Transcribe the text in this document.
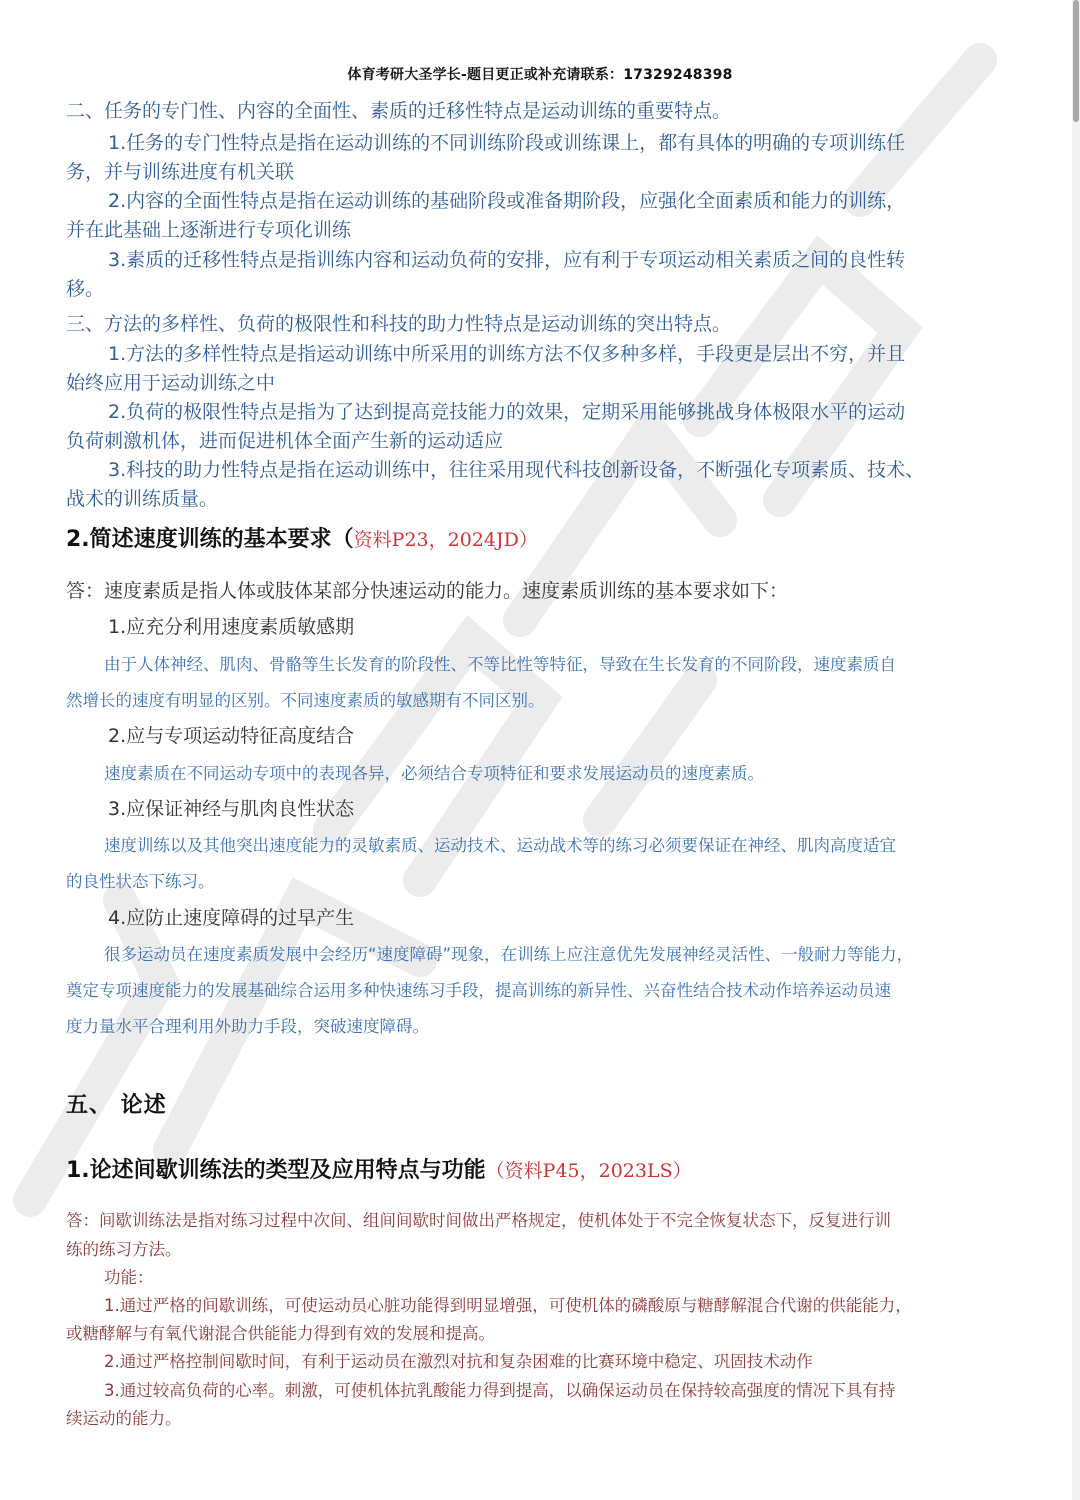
体育考研大圣学长-题目更正或补充请联系：17329248398
二、任务的专门性、内容的全面性、素质的迁移性特点是运动训练的重要特点。
1.任务的专门性特点是指在运动训练的不同训练阶段或训练课上，都有具体的明确的专项训练任
务，并与训练进度有机关联
2.内容的全面性特点是指在运动训练的基础阶段或准备期阶段，应强化全面素质和能力的训练，
并在此基础上逐渐进行专项化训练
3.素质的迁移性特点是指训练内容和运动负荷的安排，应有利于专项运动相关素质之间的良性转
移。
三、方法的多样性、负荷的极限性和科技的助力性特点是运动训练的突出特点。
1.方法的多样性特点是指运动训练中所采用的训练方法不仅多种多样，手段更是层出不穷，并且
始终应用于运动训练之中
2.负荷的极限性特点是指为了达到提高竞技能力的效果，定期采用能够挑战身体极限水平的运动
负荷刺激机体，进而促进机体全面产生新的运动适应
3.科技的助力性特点是指在运动训练中，往往采用现代科技创新设备，不断强化专项素质、技术、
战术的训练质量。
2.简述速度训练的基本要求（资料P23，2024JD）
答：速度素质是指人体或肢体某部分快速运动的能力。速度素质训练的基本要求如下：
1.应充分利用速度素质敏感期
由于人体神经、肌肉、骨骼等生长发育的阶段性、不等比性等特征，导致在生长发育的不同阶段，速度素质自
然增长的速度有明显的区别。不同速度素质的敏感期有不同区别。
2.应与专项运动特征高度结合
速度素质在不同运动专项中的表现各异，必须结合专项特征和要求发展运动员的速度素质。
3.应保证神经与肌肉良性状态
速度训练以及其他突出速度能力的灵敏素质、运动技术、运动战术等的练习必须要保证在神经、肌肉高度适宜
的良性状态下练习。
4.应防止速度障碍的过早产生
很多运动员在速度素质发展中会经历“速度障碍”现象，在训练上应注意优先发展神经灵活性、一般耐力等能力，
奠定专项速度能力的发展基础综合运用多种快速练习手段，提高训练的新异性、兴奋性结合技术动作培养运动员速
度力量水平合理利用外助力手段，突破速度障碍。
五、 论述
1.论述间歇训练法的类型及应用特点与功能（资料P45，2023LS）
答：间歇训练法是指对练习过程中次间、组间间歇时间做出严格规定，使机体处于不完全恢复状态下，反复进行训
练的练习方法。
功能：
1.通过严格的间歇训练，可使运动员心脏功能得到明显增强，可使机体的磷酸原与糖酵解混合代谢的供能能力，
或糖酵解与有氧代谢混合供能能力得到有效的发展和提高。
2.通过严格控制间歇时间，有利于运动员在激烈对抗和复杂困难的比赛环境中稳定、巩固技术动作
3.通过较高负荷的心率。刺激，可使机体抗乳酸能力得到提高，以确保运动员在保持较高强度的情况下具有持
续运动的能力。
